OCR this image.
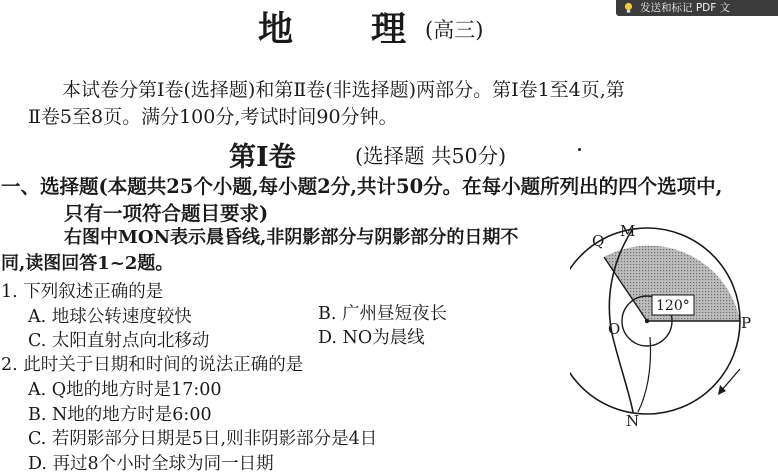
发送和标记 PDF 文
地 理 (高三)
本试卷分第Ⅰ卷(选择题)和第Ⅱ卷(非选择题)两部分。第Ⅰ卷1至4页,第
Ⅱ卷5至8页。满分100分,考试时间90分钟。
第Ⅰ卷	(选择题 共50分)
一、选择题(本题共25个小题,每小题2分,共计50分。在每小题所列出的四个选项中,
只有一项符合题目要求)
右图中MON表示晨昏线,非阴影部分与阴影部分的日期不
同,读图回答1~2题。
1. 下列叙述正确的是
A. 地球公转速度较快	B. 广州昼短夜长
C. 太阳直射点向北移动	D. NO为晨线
2. 此时关于日期和时间的说法正确的是
A. Q地的地方时是17:00
B. N地的地方时是6:00
C. 若阴影部分日期是5日,则非阴影部分是4日
D. 再过8个小时全球为同一日期
Q
M
O	P
N
120°
